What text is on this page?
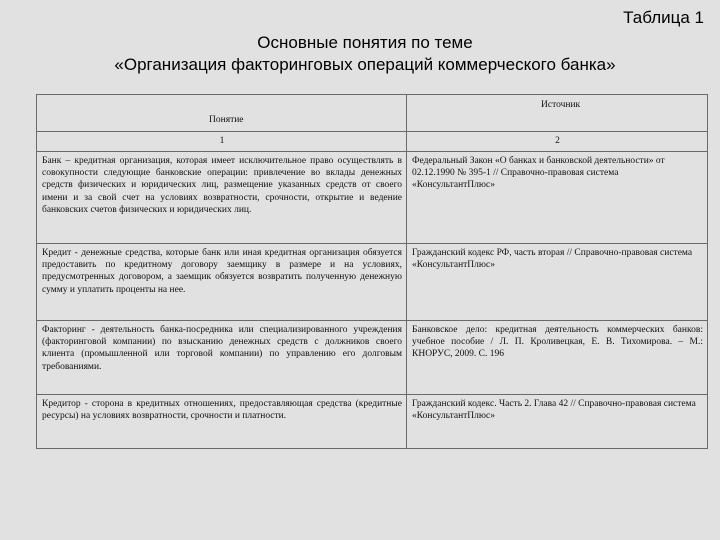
Таблица 1
Основные понятия по теме
«Организация факторинговых операций коммерческого банка»
Понятие	Источник

1	2
Банк – кредитная организация, которая имеет исключительное право осуществлять в совокупности следующие банковские операции: привлечение во вклады денежных средств физических и юридических лиц, размещение указанных средств от своего имени и за свой счет на условиях возвратности, срочности, открытие и ведение банковских счетов физических и юридических лиц.	Федеральный Закон «О банках и банковской деятельности» от 02.12.1990 № 395-1 // Справочно-правовая система «КонсультантПлюс»
Кредит - денежные средства, которые банк или иная кредитная организация обязуется предоставить по кредитному договору заемщику в размере и на условиях, предусмотренных договором, а заемщик обязуется возвратить полученную денежную сумму и уплатить проценты на нее.	Гражданский кодекс РФ, часть вторая // Справочно-правовая система «КонсультантПлюс»
Факторинг - деятельность банка-посредника или специализированного учреждения (факторинговой компании) по взысканию денежных средств с должников своего клиента (промышленной или торговой компании) по управлению его долговым требованиями.	Банковское дело: кредитная деятельность коммерческих банков: учебное пособие / Л. П. Кроливецкая, Е. В. Тихомирова. – М.: КНОРУС, 2009. С. 196
Кредитор - сторона в кредитных отношениях, предоставляющая средства (кредитные ресурсы) на условиях возвратности, срочности и платности.	Гражданский кодекс. Часть 2. Глава 42 // Справочно-правовая система «КонсультантПлюс»
